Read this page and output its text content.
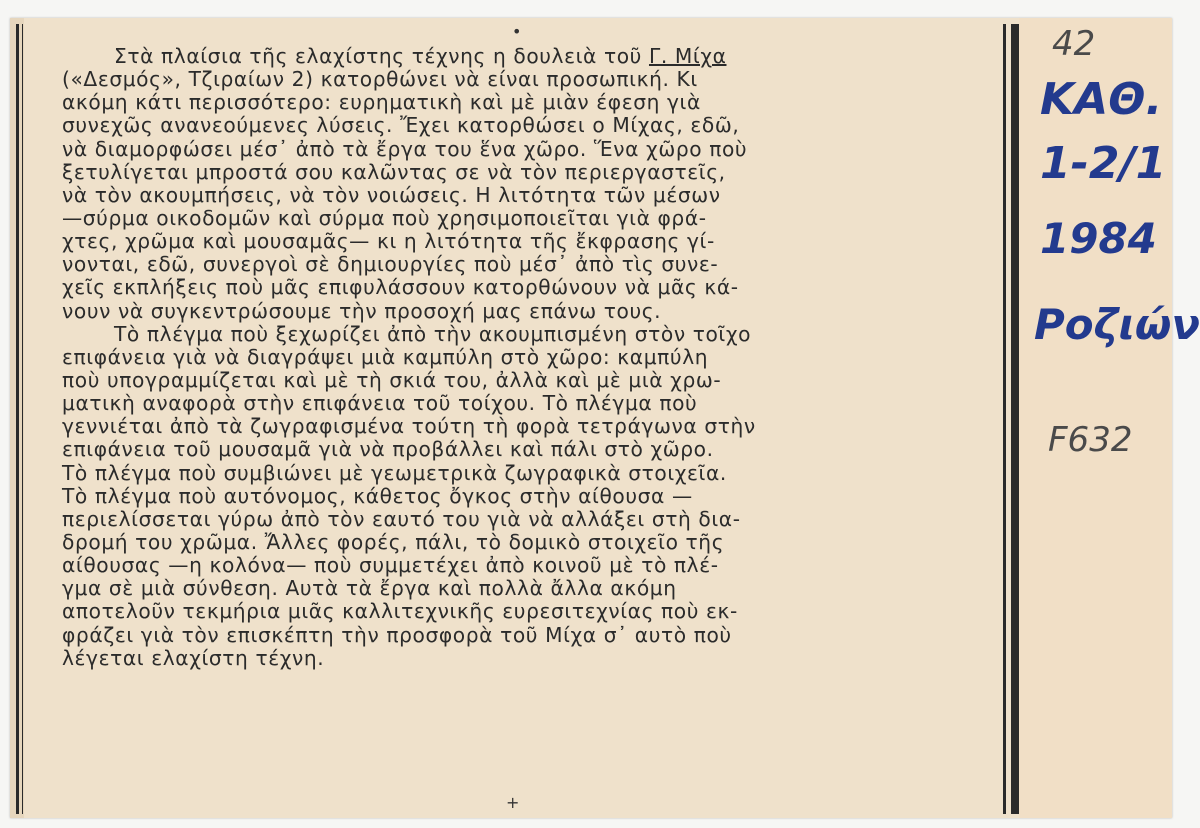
•
Στὰ πλαίσια τῆς ελαχίστης τέχνης η δουλειὰ τοῦ Γ. Μίχα
(«Δεσμός», Τζιραίων 2) κατορθώνει νὰ είναι προσωπική. Κι
ακόμη κάτι περισσότερο: ευρηματικὴ καὶ μὲ μιὰν έφεση γιὰ
συνεχῶς ανανεούμενες λύσεις. Ἔχει κατορθώσει ο Μίχας, εδῶ,
νὰ διαμορφώσει μέσ᾽ ἀπὸ τὰ ἔργα του ἕνα χῶρο. Ἕνα χῶρο ποὺ
ξετυλίγεται μπροστά σου καλῶντας σε νὰ τὸν περιεργαστεῖς,
νὰ τὸν ακουμπήσεις, νὰ τὸν νοιώσεις. Η λιτότητα τῶν μέσων
—σύρμα οικοδομῶν καὶ σύρμα ποὺ χρησιμοποιεῖται γιὰ φρά-
χτες, χρῶμα καὶ μουσαμᾶς— κι η λιτότητα τῆς ἔκφρασης γί-
νονται, εδῶ, συνεργοὶ σὲ δημιουργίες ποὺ μέσ᾽ ἀπὸ τὶς συνε-
χεῖς εκπλήξεις ποὺ μᾶς επιφυλάσσουν κατορθώνουν νὰ μᾶς κά-
νουν νὰ συγκεντρώσουμε τὴν προσοχή μας επάνω τους.
Τὸ πλέγμα ποὺ ξεχωρίζει ἀπὸ τὴν ακουμπισμένη στὸν τοῖχο
επιφάνεια γιὰ νὰ διαγράψει μιὰ καμπύλη στὸ χῶρο: καμπύλη
ποὺ υπογραμμίζεται καὶ μὲ τὴ σκιά του, ἀλλὰ καὶ μὲ μιὰ χρω-
ματικὴ αναφορὰ στὴν επιφάνεια τοῦ τοίχου. Τὸ πλέγμα ποὺ
γεννιέται ἀπὸ τὰ ζωγραφισμένα τούτη τὴ φορὰ τετράγωνα στὴν
επιφάνεια τοῦ μουσαμᾶ γιὰ νὰ προβάλλει καὶ πάλι στὸ χῶρο.
Τὸ πλέγμα ποὺ συμβιώνει μὲ γεωμετρικὰ ζωγραφικὰ στοιχεῖα.
Τὸ πλέγμα ποὺ αυτόνομος, κάθετος ὄγκος στὴν αίθουσα —
περιελίσσεται γύρω ἀπὸ τὸν εαυτό του γιὰ νὰ αλλάξει στὴ δια-
δρομή του χρῶμα. Ἄλλες φορές, πάλι, τὸ δομικὸ στοιχεῖο τῆς
αίθουσας —η κολόνα— ποὺ συμμετέχει ἀπὸ κοινοῦ μὲ τὸ πλέ-
γμα σὲ μιὰ σύνθεση. Αυτὰ τὰ ἔργα καὶ πολλὰ ἄλλα ακόμη
αποτελοῦν τεκμήρια μιᾶς καλλιτεχνικῆς ευρεσιτεχνίας ποὺ εκ-
φράζει γιὰ τὸν επισκέπτη τὴν προσφορὰ τοῦ Μίχα σ᾽ αυτὸ ποὺ
λέγεται ελαχίστη τέχνη.
+
42
ΚΑΘ.
1-2/1
1984
Ροζιών
F632
